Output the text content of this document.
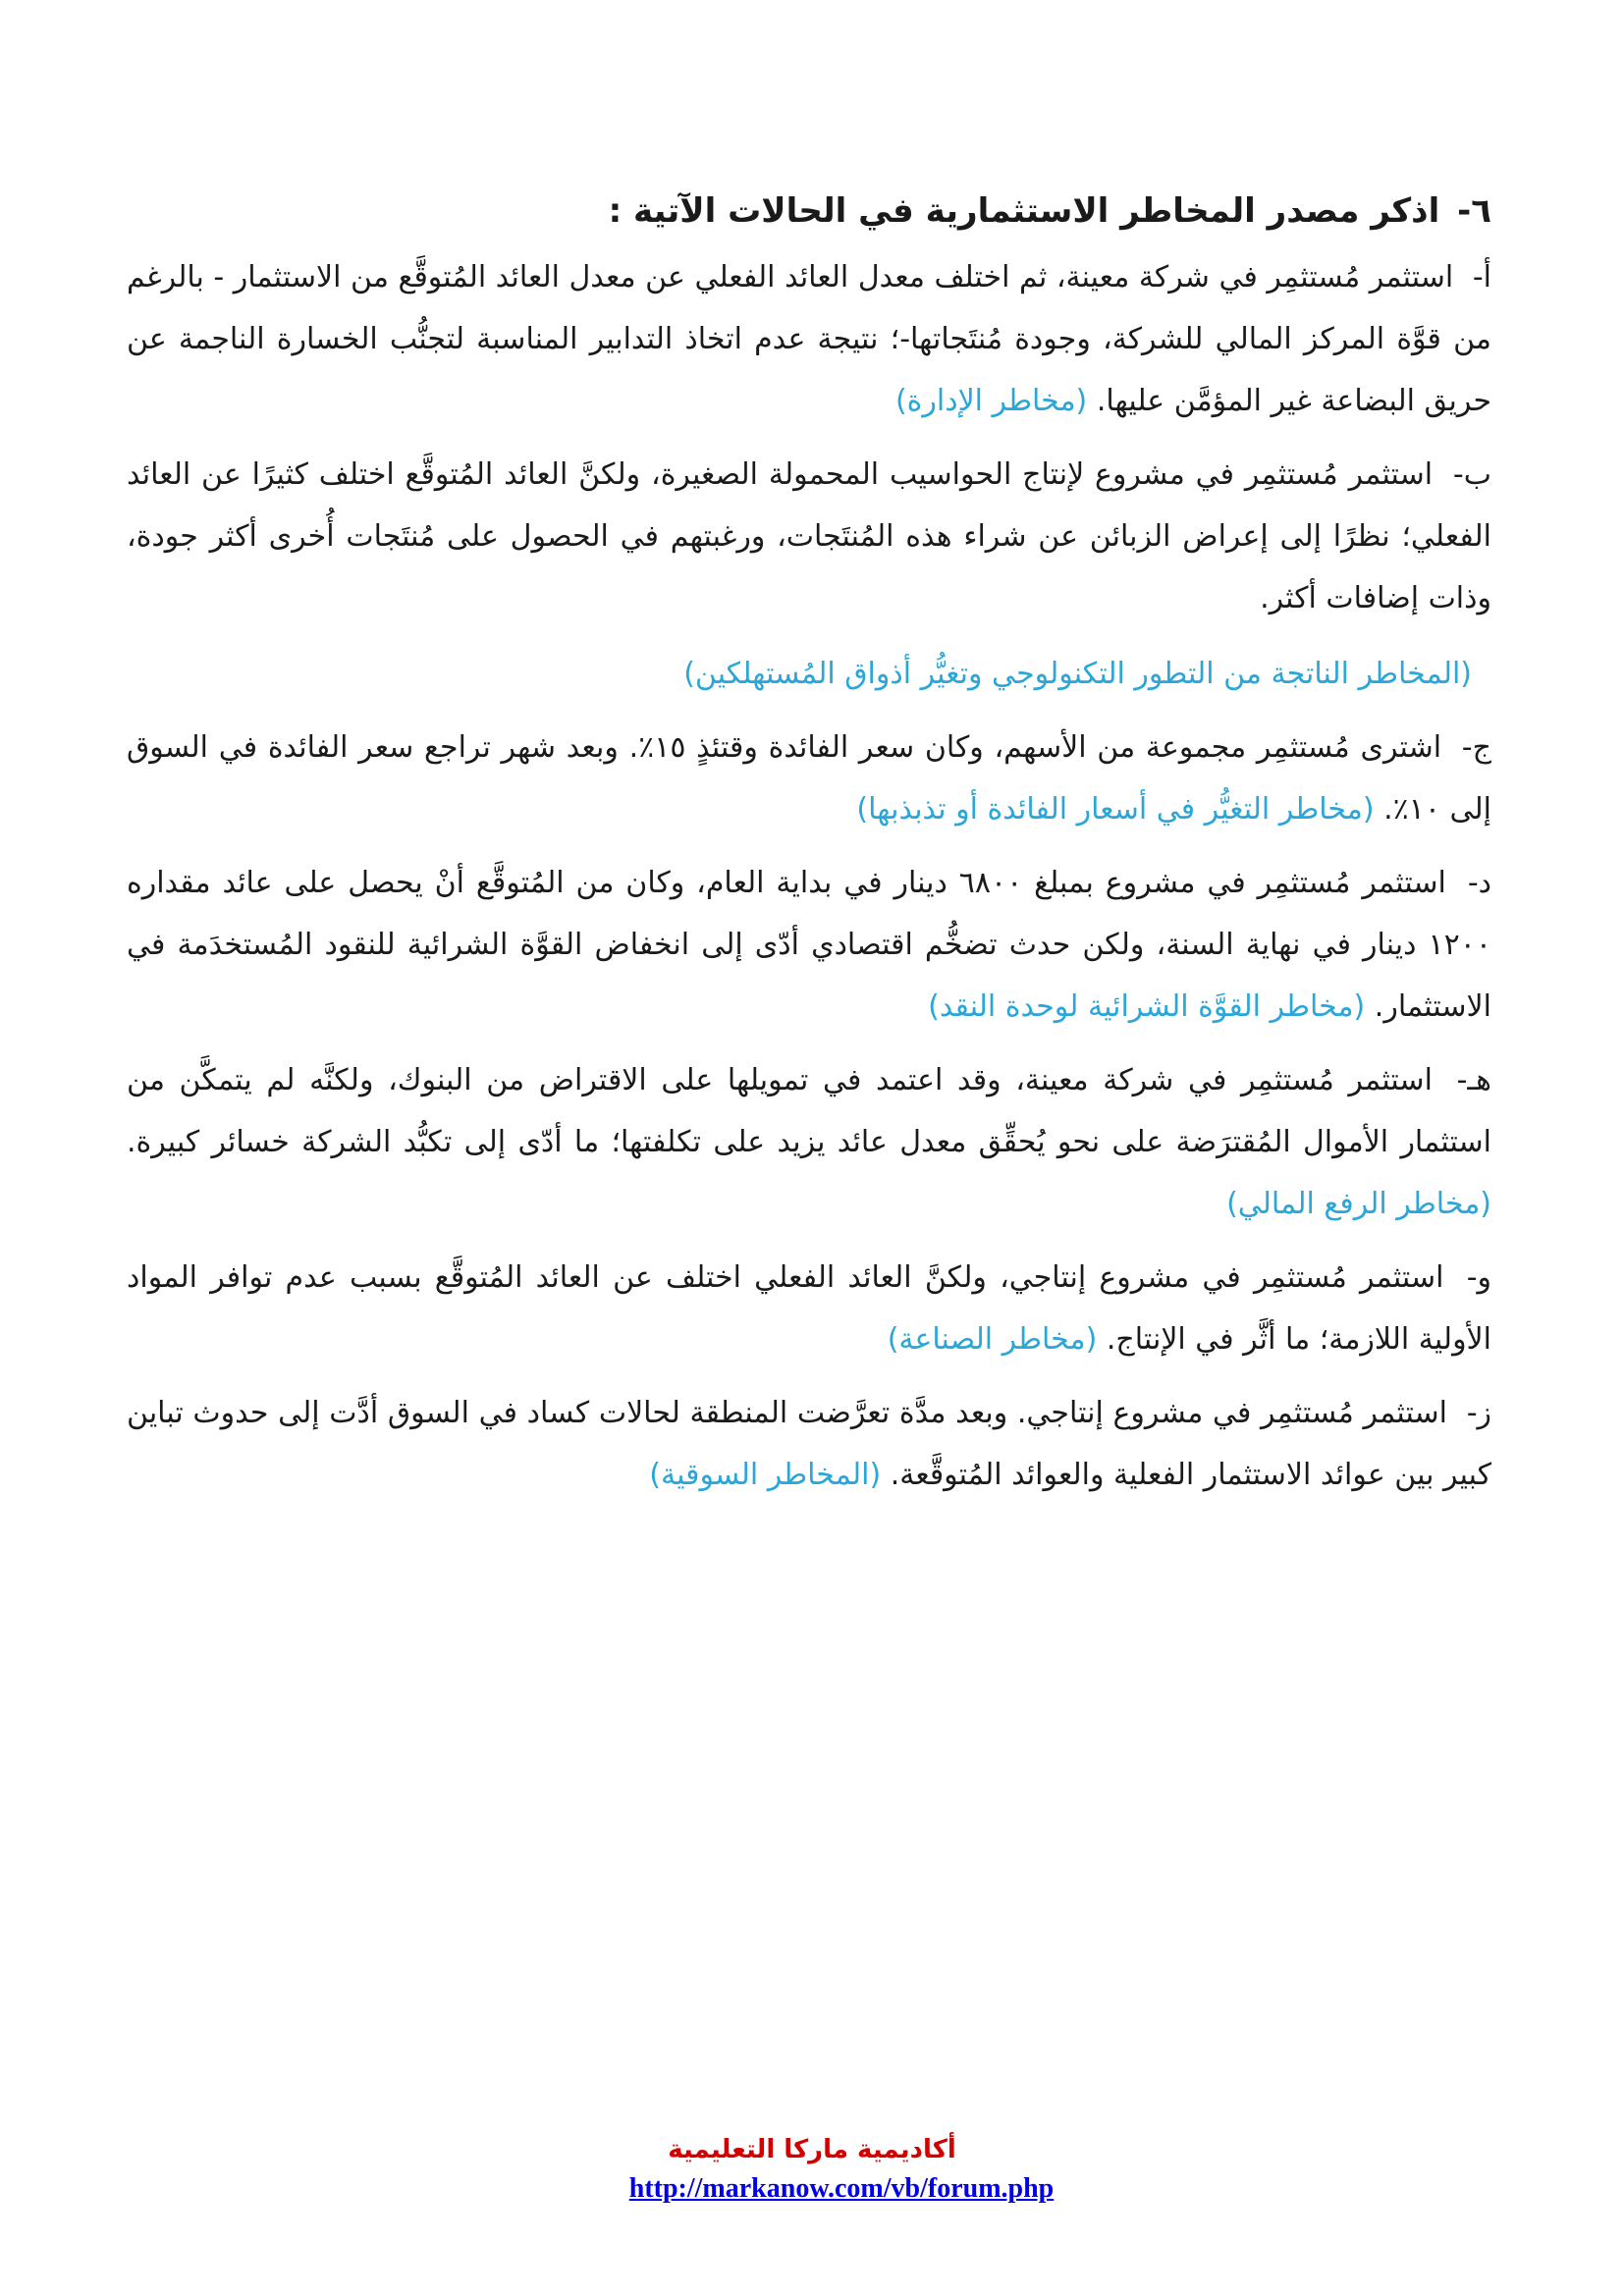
٦- اذكر مصدر المخاطر الاستثمارية في الحالات الآتية :
أ- استثمر مُستثمِر في شركة معينة، ثم اختلف معدل العائد الفعلي عن معدل العائد المُتوقَّع من الاستثمار - بالرغم من قوَّة المركز المالي للشركة، وجودة مُنتَجاتها-؛ نتيجة عدم اتخاذ التدابير المناسبة لتجنُّب الخسارة الناجمة عن حريق البضاعة غير المؤمَّن عليها. (مخاطر الإدارة)
ب- استثمر مُستثمِر في مشروع لإنتاج الحواسيب المحمولة الصغيرة، ولكنَّ العائد المُتوقَّع اختلف كثيرًا عن العائد الفعلي؛ نظرًا إلى إعراض الزبائن عن شراء هذه المُنتَجات، ورغبتهم في الحصول على مُنتَجات أُخرى أكثر جودة، وذات إضافات أكثر.
(المخاطر الناتجة من التطور التكنولوجي وتغيُّر أذواق المُستهلكين)
ج- اشترى مُستثمِر مجموعة من الأسهم، وكان سعر الفائدة وقتئذٍ ١٥٪. وبعد شهر تراجع سعر الفائدة في السوق إلى ١٠٪. (مخاطر التغيُّر في أسعار الفائدة أو تذبذبها)
د- استثمر مُستثمِر في مشروع بمبلغ ٦٨٠٠ دينار في بداية العام، وكان من المُتوقَّع أنْ يحصل على عائد مقداره ١٢٠٠ دينار في نهاية السنة، ولكن حدث تضخُّم اقتصادي أدّى إلى انخفاض القوَّة الشرائية للنقود المُستخدَمة في الاستثمار. (مخاطر القوَّة الشرائية لوحدة النقد)
هـ- استثمر مُستثمِر في شركة معينة، وقد اعتمد في تمويلها على الاقتراض من البنوك، ولكنَّه لم يتمكَّن من استثمار الأموال المُقترَضة على نحو يُحقِّق معدل عائد يزيد على تكلفتها؛ ما أدّى إلى تكبُّد الشركة خسائر كبيرة. (مخاطر الرفع المالي)
و- استثمر مُستثمِر في مشروع إنتاجي، ولكنَّ العائد الفعلي اختلف عن العائد المُتوقَّع بسبب عدم توافر المواد الأولية اللازمة؛ ما أثَّر في الإنتاج. (مخاطر الصناعة)
ز- استثمر مُستثمِر في مشروع إنتاجي. وبعد مدَّة تعرَّضت المنطقة لحالات كساد في السوق أدَّت إلى حدوث تباين كبير بين عوائد الاستثمار الفعلية والعوائد المُتوقَّعة. (المخاطر السوقية)
أكاديمية ماركا التعليمية
http://markanow.com/vb/forum.php
